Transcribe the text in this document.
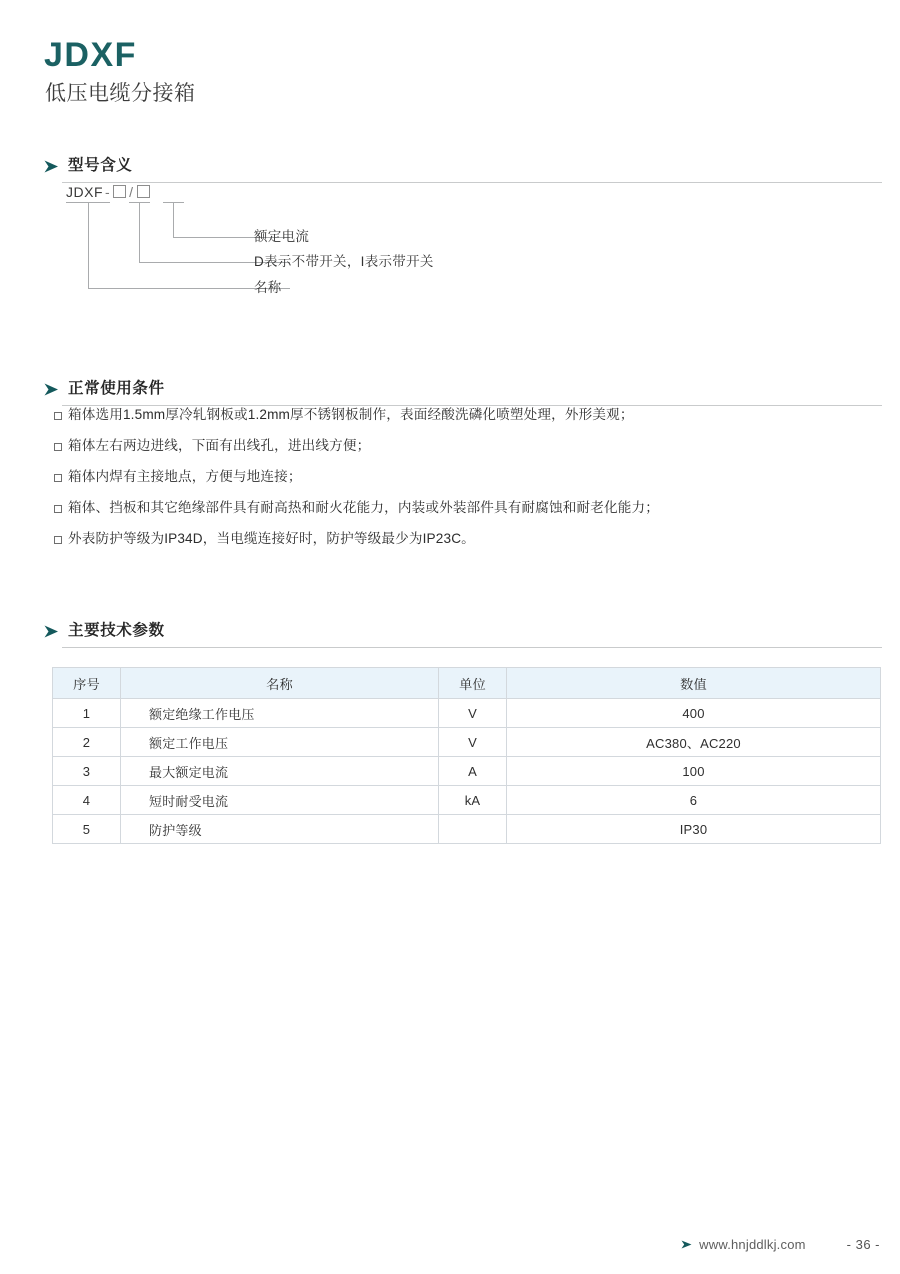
JDXF
低压电缆分接箱
型号含义
JDXF - /
额定电流
D表示不带开关，I表示带开关
名称
正常使用条件
箱体选用1.5mm厚冷轧钢板或1.2mm厚不锈钢板制作，表面经酸洗磷化喷塑处理，外形美观；
箱体左右两边进线，下面有出线孔，进出线方便；
箱体内焊有主接地点，方便与地连接；
箱体、挡板和其它绝缘部件具有耐高热和耐火花能力，内装或外装部件具有耐腐蚀和耐老化能力；
外表防护等级为IP34D，当电缆连接好时，防护等级最少为IP23C。
主要技术参数
序号	名称	单位	数值
1	额定绝缘工作电压	V	400
2	额定工作电压	V	AC380、AC220
3	最大额定电流	A	100
4	短时耐受电流	kA	6
5	防护等级		IP30
www.hnjddlkj.com	- 36 -
